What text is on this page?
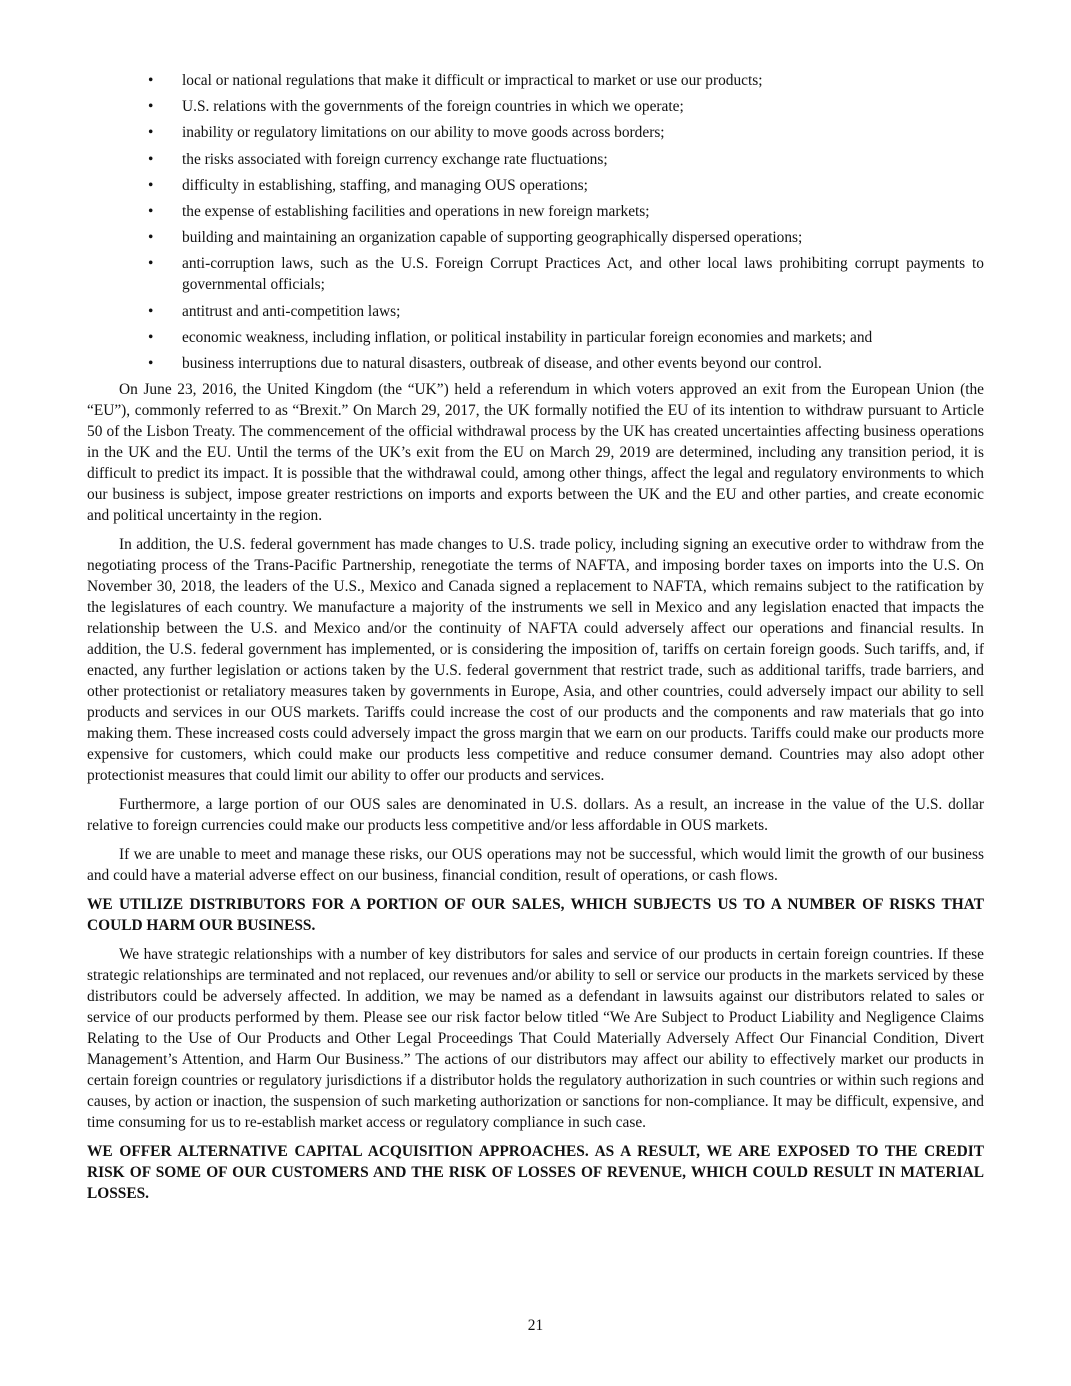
• local or national regulations that make it difficult or impractical to market or use our products;
• U.S. relations with the governments of the foreign countries in which we operate;
• inability or regulatory limitations on our ability to move goods across borders;
• the risks associated with foreign currency exchange rate fluctuations;
• difficulty in establishing, staffing, and managing OUS operations;
• the expense of establishing facilities and operations in new foreign markets;
• building and maintaining an organization capable of supporting geographically dispersed operations;
• anti-corruption laws, such as the U.S. Foreign Corrupt Practices Act, and other local laws prohibiting corrupt payments to governmental officials;
• antitrust and anti-competition laws;
• economic weakness, including inflation, or political instability in particular foreign economies and markets; and
• business interruptions due to natural disasters, outbreak of disease, and other events beyond our control.

On June 23, 2016, the United Kingdom (the “UK”) held a referendum in which voters approved an exit from the European Union (the “EU”), commonly referred to as “Brexit.” On March 29, 2017, the UK formally notified the EU of its intention to withdraw pursuant to Article 50 of the Lisbon Treaty. The commencement of the official withdrawal process by the UK has created uncertainties affecting business operations in the UK and the EU. Until the terms of the UK’s exit from the EU on March 29, 2019 are determined, including any transition period, it is difficult to predict its impact. It is possible that the withdrawal could, among other things, affect the legal and regulatory environments to which our business is subject, impose greater restrictions on imports and exports between the UK and the EU and other parties, and create economic and political uncertainty in the region.

In addition, the U.S. federal government has made changes to U.S. trade policy, including signing an executive order to withdraw from the negotiating process of the Trans-Pacific Partnership, renegotiate the terms of NAFTA, and imposing border taxes on imports into the U.S. On November 30, 2018, the leaders of the U.S., Mexico and Canada signed a replacement to NAFTA, which remains subject to the ratification by the legislatures of each country. We manufacture a majority of the instruments we sell in Mexico and any legislation enacted that impacts the relationship between the U.S. and Mexico and/or the continuity of NAFTA could adversely affect our operations and financial results. In addition, the U.S. federal government has implemented, or is considering the imposition of, tariffs on certain foreign goods. Such tariffs, and, if enacted, any further legislation or actions taken by the U.S. federal government that restrict trade, such as additional tariffs, trade barriers, and other protectionist or retaliatory measures taken by governments in Europe, Asia, and other countries, could adversely impact our ability to sell products and services in our OUS markets. Tariffs could increase the cost of our products and the components and raw materials that go into making them. These increased costs could adversely impact the gross margin that we earn on our products. Tariffs could make our products more expensive for customers, which could make our products less competitive and reduce consumer demand. Countries may also adopt other protectionist measures that could limit our ability to offer our products and services.

Furthermore, a large portion of our OUS sales are denominated in U.S. dollars. As a result, an increase in the value of the U.S. dollar relative to foreign currencies could make our products less competitive and/or less affordable in OUS markets.

If we are unable to meet and manage these risks, our OUS operations may not be successful, which would limit the growth of our business and could have a material adverse effect on our business, financial condition, result of operations, or cash flows.

WE UTILIZE DISTRIBUTORS FOR A PORTION OF OUR SALES, WHICH SUBJECTS US TO A NUMBER OF RISKS THAT COULD HARM OUR BUSINESS.

We have strategic relationships with a number of key distributors for sales and service of our products in certain foreign countries. If these strategic relationships are terminated and not replaced, our revenues and/or ability to sell or service our products in the markets serviced by these distributors could be adversely affected. In addition, we may be named as a defendant in lawsuits against our distributors related to sales or service of our products performed by them. Please see our risk factor below titled “We Are Subject to Product Liability and Negligence Claims Relating to the Use of Our Products and Other Legal Proceedings That Could Materially Adversely Affect Our Financial Condition, Divert Management’s Attention, and Harm Our Business.” The actions of our distributors may affect our ability to effectively market our products in certain foreign countries or regulatory jurisdictions if a distributor holds the regulatory authorization in such countries or within such regions and causes, by action or inaction, the suspension of such marketing authorization or sanctions for non-compliance. It may be difficult, expensive, and time consuming for us to re-establish market access or regulatory compliance in such case.

WE OFFER ALTERNATIVE CAPITAL ACQUISITION APPROACHES. AS A RESULT, WE ARE EXPOSED TO THE CREDIT RISK OF SOME OF OUR CUSTOMERS AND THE RISK OF LOSSES OF REVENUE, WHICH COULD RESULT IN MATERIAL LOSSES.
21
